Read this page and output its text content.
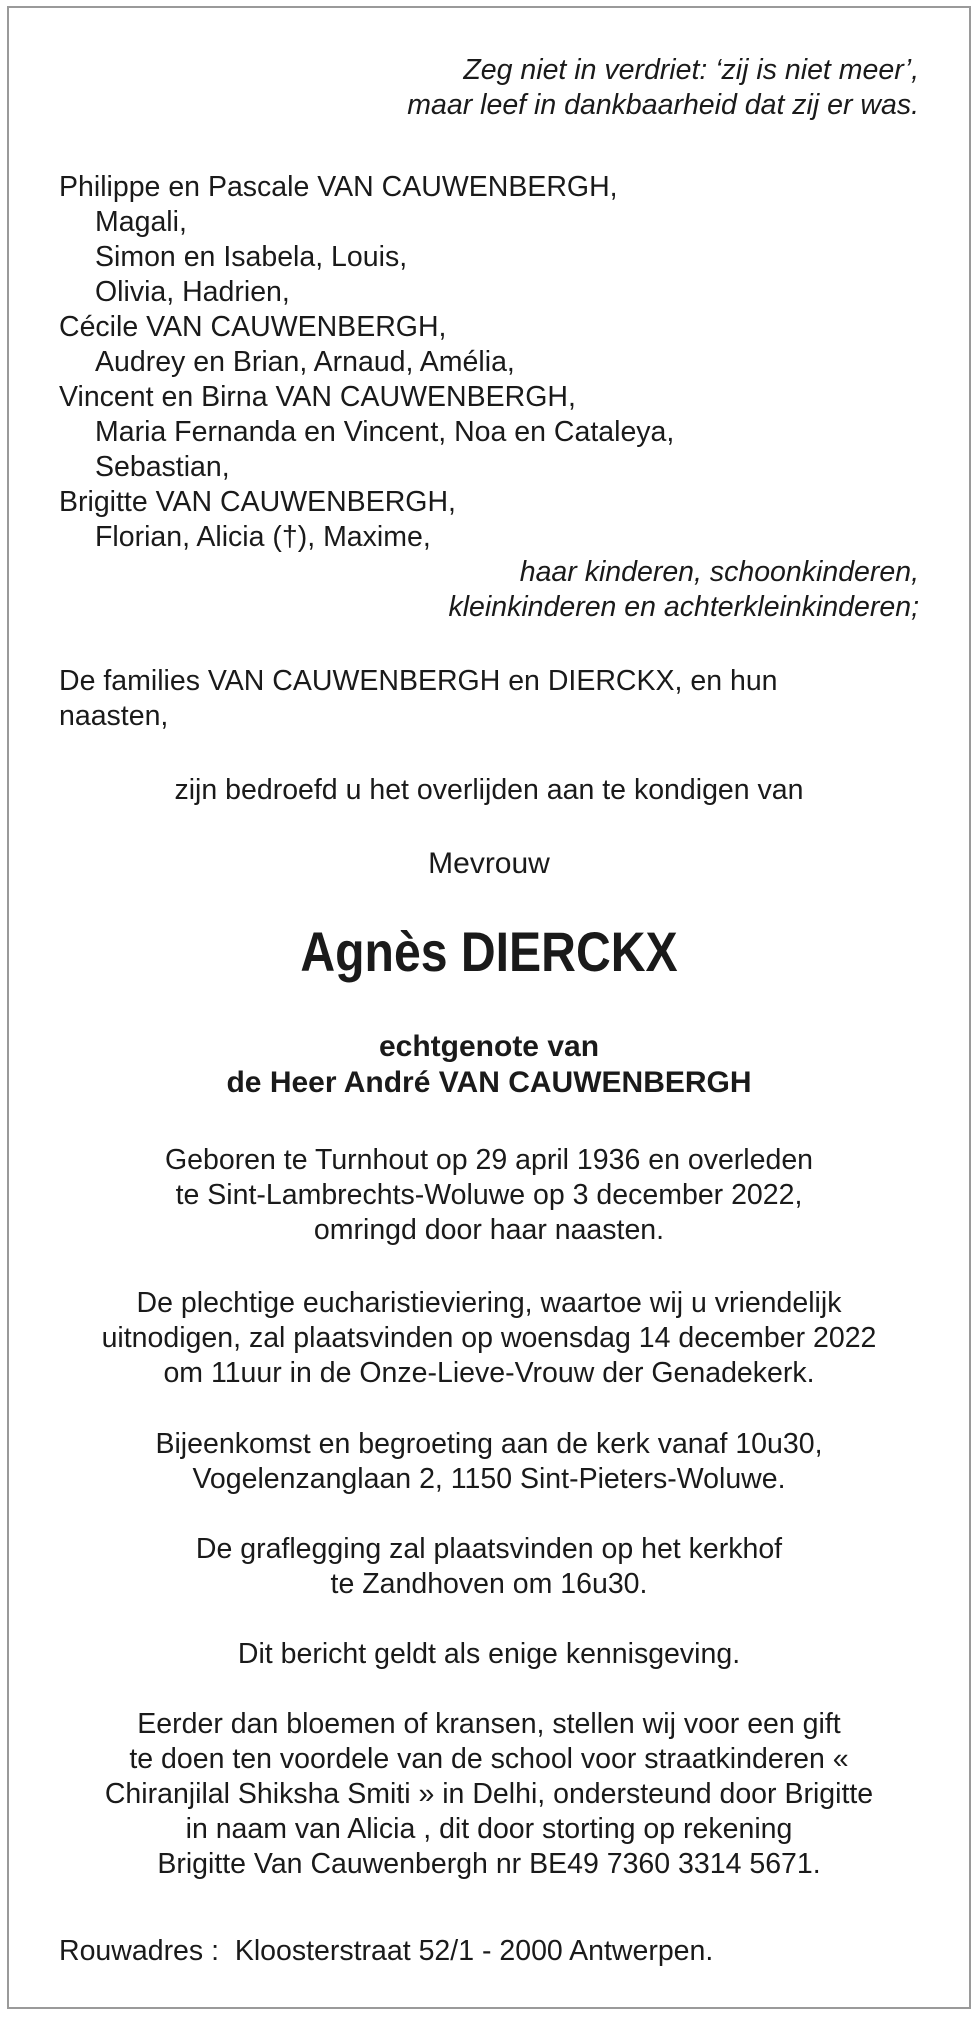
Zeg niet in verdriet: ‘zij is niet meer’,
maar leef in dankbaarheid dat zij er was.
Philippe en Pascale VAN CAUWENBERGH,
Magali,
Simon en Isabela, Louis,
Olivia, Hadrien,
Cécile VAN CAUWENBERGH,
Audrey en Brian, Arnaud, Amélia,
Vincent en Birna VAN CAUWENBERGH,
Maria Fernanda en Vincent, Noa en Cataleya,
Sebastian,
Brigitte VAN CAUWENBERGH,
Florian, Alicia (†), Maxime,
haar kinderen, schoonkinderen,
kleinkinderen en achterkleinkinderen;
De families VAN CAUWENBERGH en DIERCKX, en hun
naasten,
zijn bedroefd u het overlijden aan te kondigen van
Mevrouw
Agnès DIERCKX
echtgenote van
de Heer André VAN CAUWENBERGH
Geboren te Turnhout op 29 april 1936 en overleden
te Sint-Lambrechts-Woluwe op 3 december 2022,
omringd door haar naasten.
De plechtige eucharistieviering, waartoe wij u vriendelijk
uitnodigen, zal plaatsvinden op woensdag 14 december 2022
om 11uur in de Onze-Lieve-Vrouw der Genadekerk.
Bijeenkomst en begroeting aan de kerk vanaf 10u30,
Vogelenzanglaan 2, 1150 Sint-Pieters-Woluwe.
De graflegging zal plaatsvinden op het kerkhof
te Zandhoven om 16u30.
Dit bericht geldt als enige kennisgeving.
Eerder dan bloemen of kransen, stellen wij voor een gift
te doen ten voordele van de school voor straatkinderen «
Chiranjilal Shiksha Smiti » in Delhi, ondersteund door Brigitte
in naam van Alicia , dit door storting op rekening
Brigitte Van Cauwenbergh nr BE49 7360 3314 5671.
Rouwadres :  Kloosterstraat 52/1 - 2000 Antwerpen.
